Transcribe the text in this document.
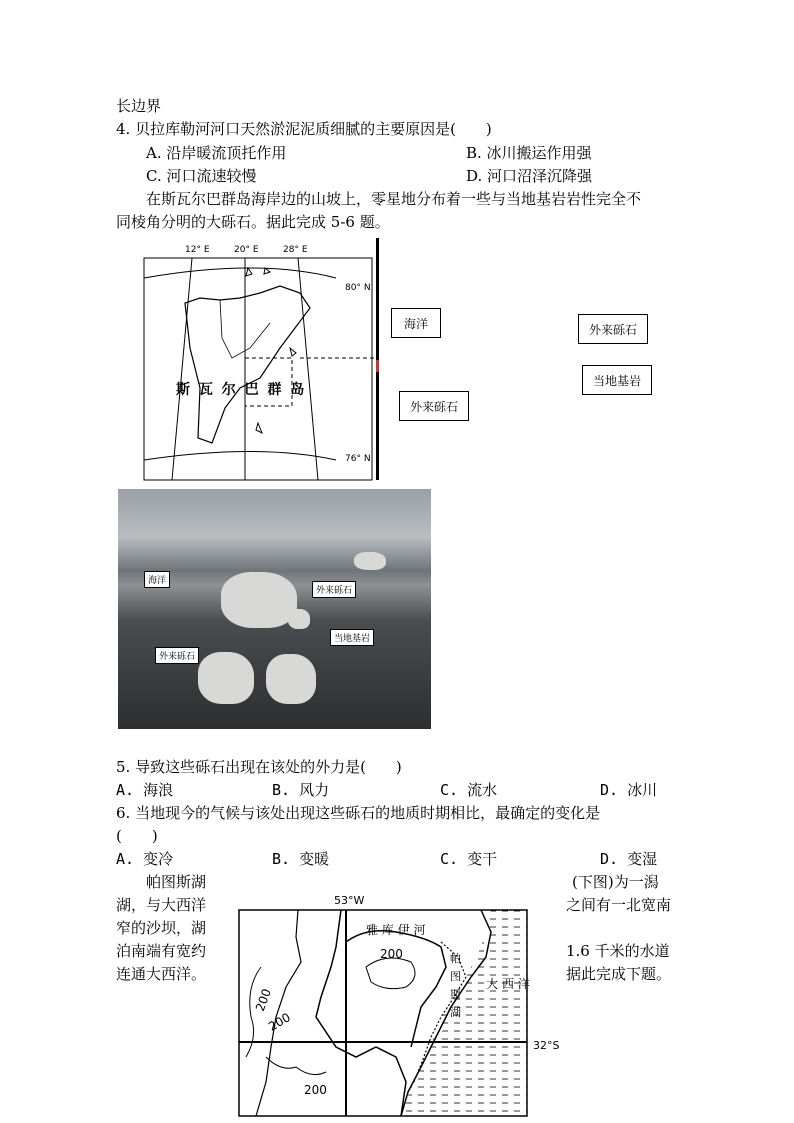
长边界
4. 贝拉库勒河河口天然淤泥泥质细腻的主要原因是(　　)
A. 沿岸暖流顶托作用	B. 冰川搬运作用强
C. 河口流速较慢	D. 河口沼泽沉降强
在斯瓦尔巴群岛海岸边的山坡上，零星地分布着一些与当地基岩岩性完全不
同棱角分明的大砾石。据此完成 5-6 题。
12° E	20° E	28° E
80° N
76° N
斯 瓦 尔 巴 群 岛
海洋	外来砾石
当地基岩
外来砾石
海洋
外来砾石
当地基岩
外来砾石
5. 导致这些砾石出现在该处的外力是(　　)
A. 海浪	B. 风力	C. 流水	D. 冰川
6. 当地现今的气候与该处出现这些砾石的地质时期相比，最确定的变化是
(　　)
A. 变冷	B. 变暖	C. 变干	D. 变湿
帕图斯湖	(下图)为一潟
湖，与大西洋	之间有一北宽南
窄的沙坝，湖
泊南端有宽约	1.6 千米的水道
连通大西洋。	据此完成下题。
53°W
32°S
雅 库 伊 河
200
200
200
200
帕 图 斯 湖
大 西 洋
